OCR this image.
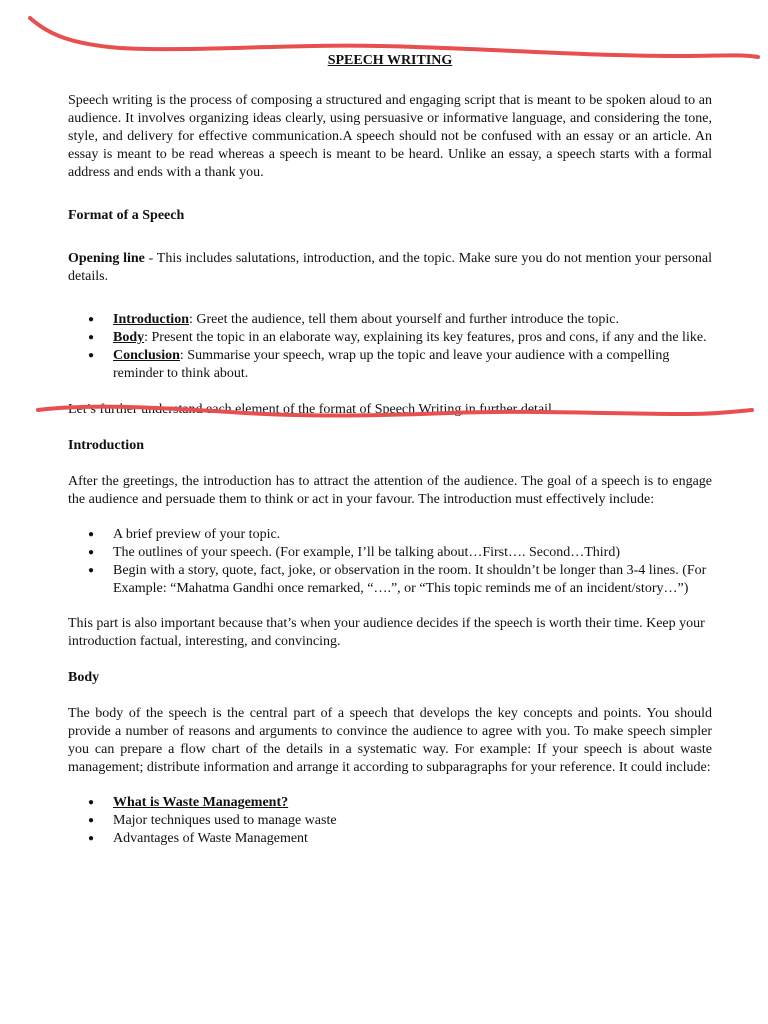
SPEECH WRITING

Speech writing is the process of composing a structured and engaging script that is meant to be spoken aloud to an audience. It involves organizing ideas clearly, using persuasive or informative language, and considering the tone, style, and delivery for effective communication.A speech should not be confused with an essay or an article. An essay is meant to be read whereas a speech is meant to be heard. Unlike an essay, a speech starts with a formal address and ends with a thank you.

Format of a Speech

Opening line - This includes salutations, introduction, and the topic. Make sure you do not mention your personal details.

● Introduction: Greet the audience, tell them about yourself and further introduce the topic.
● Body: Present the topic in an elaborate way, explaining its key features, pros and cons, if any and the like.
● Conclusion: Summarise your speech, wrap up the topic and leave your audience with a compelling reminder to think about.

Let’s further understand each element of the format of Speech Writing in further detail.

Introduction

After the greetings, the introduction has to attract the attention of the audience. The goal of a speech is to engage the audience and persuade them to think or act in your favour. The introduction must effectively include:

● A brief preview of your topic.
● The outlines of your speech. (For example, I’ll be talking about…First…. Second…Third)
● Begin with a story, quote, fact, joke, or observation in the room. It shouldn’t be longer than 3-4 lines. (For Example: “Mahatma Gandhi once remarked, “….”, or “This topic reminds me of an incident/story…”)

This part is also important because that’s when your audience decides if the speech is worth their time. Keep your introduction factual, interesting, and convincing.

Body

The body of the speech is the central part of a speech that develops the key concepts and points. You should provide a number of reasons and arguments to convince the audience to agree with you. To make speech simpler you can prepare a flow chart of the details in a systematic way. For example: If your speech is about waste management; distribute information and arrange it according to subparagraphs for your reference. It could include:

● What is Waste Management?
● Major techniques used to manage waste
● Advantages of Waste Management
